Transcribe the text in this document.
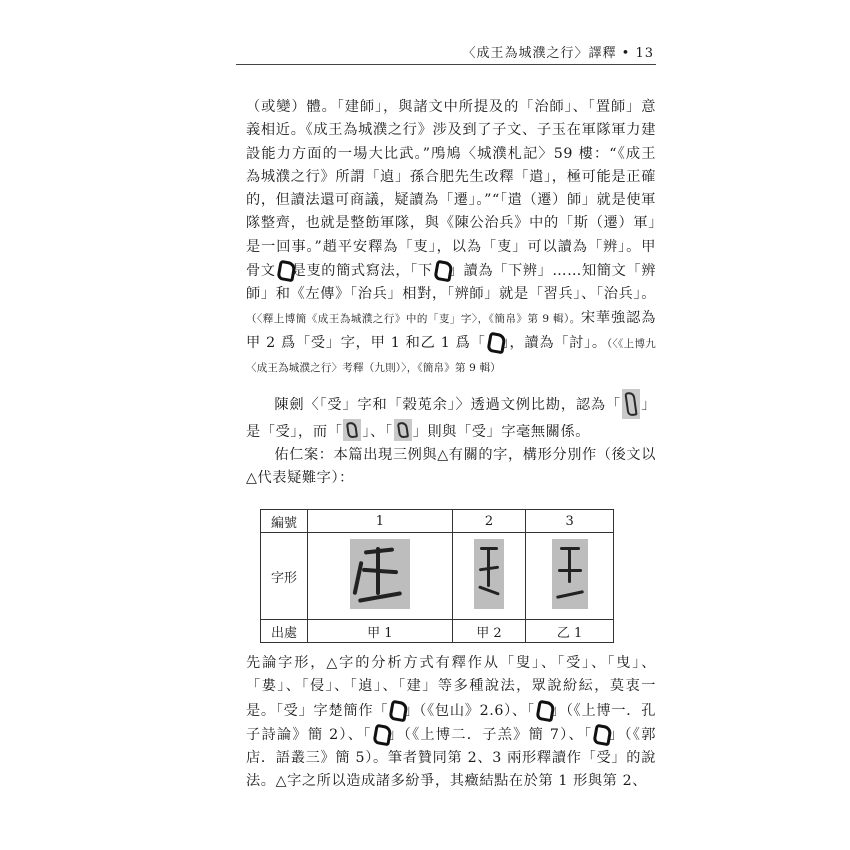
〈成王為城濮之行〉譯釋 • 13

（或變）體。「建師」，與諸文中所提及的「治師」、「置師」意義相近。《成王為城濮之行》涉及到了子文、子玉在軍隊軍力建設能力方面的一場大比武。”鳲鳩〈城濮札記〉59 樓：“《成王為城濮之行》所謂「遉」孫合肥先生改釋「遣」，極可能是正確的，但讀法還可商議，疑讀為「遷」。”“「遣（遷）師」就是使軍隊整齊，也就是整飭軍隊，與《陳公治兵》中的「斯（遷）軍」是一回事。”趙平安釋為「叓」，以為「叓」可以讀為「辨」。甲骨文 是叓的簡式寫法，「下 」讀為「下辨」……知簡文「辨師」和《左傳》「治兵」相對，「辨師」就是「習兵」、「治兵」。（〈釋上博簡《成王為城濮之行》中的「叓」字〉，《簡帛》第 9 輯）。宋華強認為甲 2 爲「受」字，甲 1 和乙 1 爲「 」，讀為「討」。（〈《上博九〈成王為城濮之行〉考釋（九則）〉，《簡帛》第 9 輯）

陳劍〈「受」字和「榖莵余」〉透過文例比勘，認為「 」是「受」，而「 」、「 」則與「受」字毫無關係。

佑仁案：本篇出現三例與△有關的字，構形分別作（後文以△代表疑難字）：

編號	1	2	3
字形	

出處	甲 1	甲 2	乙 1

先論字形，△字的分析方式有釋作从「叟」、「受」、「曳」、「婁」、「侵」、「遉」、「建」等多種說法，眾說紛紜，莫衷一是。「受」字楚簡作「 」（《包山》2.6）、「 」（《上博一．孔子詩論》簡 2）、「 」（《上博二．子羔》簡 7）、「 」（《郭店．語叢三》簡 5）。筆者贊同第 2、3 兩形釋讀作「受」的說法。△字之所以造成諸多紛爭，其癥結點在於第 1 形與第 2、
